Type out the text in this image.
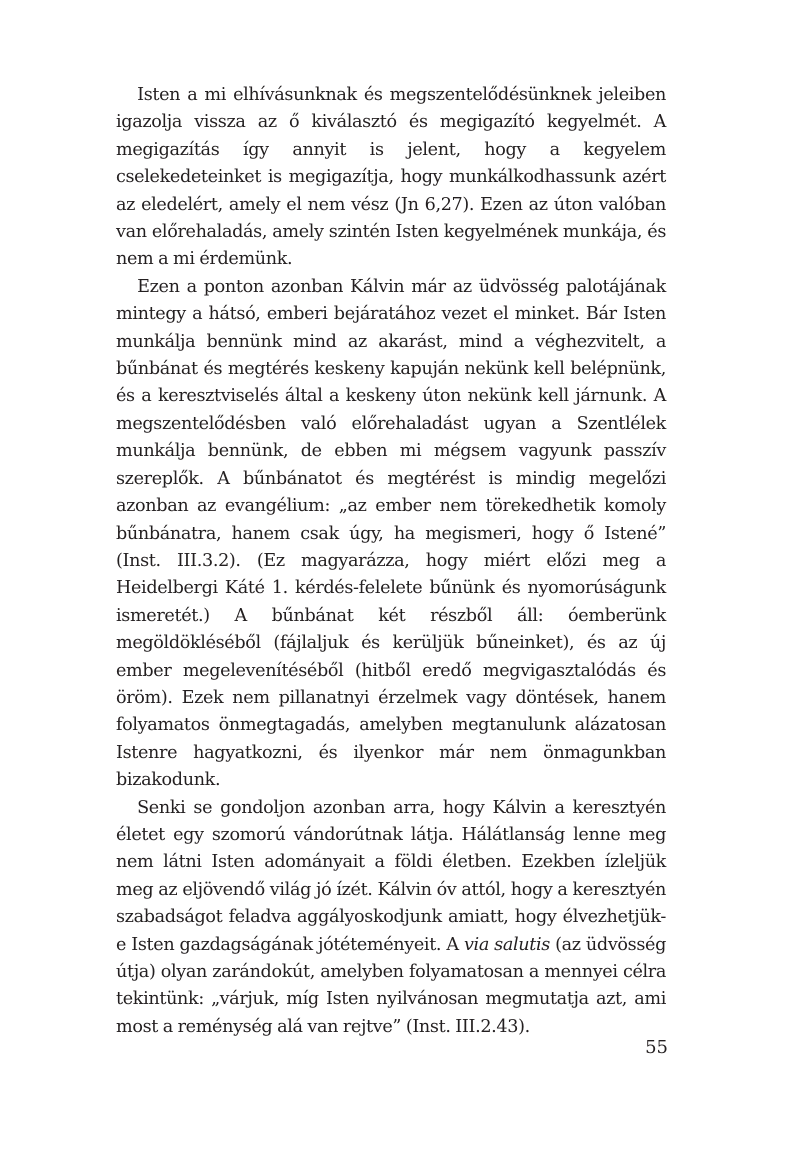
Isten a mi elhívásunknak és megszentelődésünknek jeleiben igazolja vissza az ő kiválasztó és megigazító kegyelmét. A megigazítás így annyit is jelent, hogy a kegyelem cselekedeteinket is megigazítja, hogy munkálkodhassunk azért az eledelért, amely el nem vész (Jn 6,27). Ezen az úton valóban van előrehaladás, amely szintén Isten kegyelmének munkája, és nem a mi érdemünk.

Ezen a ponton azonban Kálvin már az üdvösség palotájának mintegy a hátsó, emberi bejáratához vezet el minket. Bár Isten munkálja bennünk mind az akarást, mind a véghezvitelt, a bűnbánat és megtérés keskeny kapuján nekünk kell belépnünk, és a keresztviselés által a keskeny úton nekünk kell járnunk. A megszentelődésben való előrehaladást ugyan a Szentlélek munkálja bennünk, de ebben mi mégsem vagyunk passzív szereplők. A bűnbánatot és megtérést is mindig megelőzi azonban az evangélium: „az ember nem törekedhetik komoly bűnbánatra, hanem csak úgy, ha megismeri, hogy ő Istené” (Inst. III.3.2). (Ez magyarázza, hogy miért előzi meg a Heidelbergi Káté 1. kérdés-felelete bűnünk és nyomorúságunk ismeretét.) A bűnbánat két részből áll: óemberünk megöldökléséből (fájlaljuk és kerüljük bűneinket), és az új ember megelevenítéséből (hitből eredő megvigasztalódás és öröm). Ezek nem pillanatnyi érzelmek vagy döntések, hanem folyamatos önmegtagadás, amelyben megtanulunk alázatosan Istenre hagyatkozni, és ilyenkor már nem önmagunkban bizakodunk.

Senki se gondoljon azonban arra, hogy Kálvin a keresztyén életet egy szomorú vándorútnak látja. Hálátlanság lenne meg nem látni Isten adományait a földi életben. Ezekben ízleljük meg az eljövendő világ jó ízét. Kálvin óv attól, hogy a keresztyén szabadságot feladva aggályoskodjunk amiatt, hogy élvezhetjük-e Isten gazdagságának jótéteményeit. A via salutis (az üdvösség útja) olyan zarándokút, amelyben folyamatosan a mennyei célra tekintünk: „várjuk, míg Isten nyilvánosan megmutatja azt, ami most a reménység alá van rejtve” (Inst. III.2.43).

55
